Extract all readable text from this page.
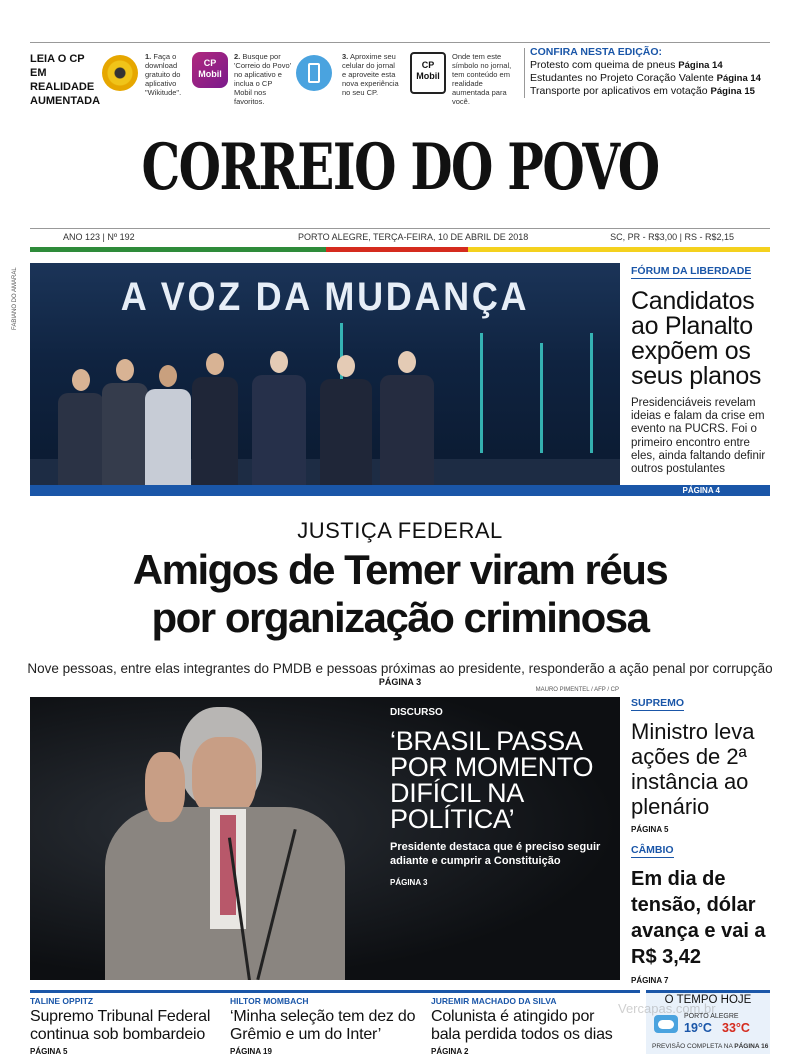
LEIA O CP EM REALIDADE AUMENTADA
1. Faça o download gratuito do aplicativo "Wikitude".
CP Mobil
2. Busque por 'Correio do Povo' no aplicativo e inclua o CP Mobil nos favoritos.
3. Aproxime seu celular do jornal e aproveite esta nova experiência no seu CP.
CP Mobil
Onde tem este símbolo no jornal, tem conteúdo em realidade aumentada para você.
CONFIRA NESTA EDIÇÃO:
Protesto com queima de pneus Página 14
Estudantes no Projeto Coração Valente Página 14
Transporte por aplicativos em votação Página 15
CORREIO DO POVO
ANO 123 | Nº 192	PORTO ALEGRE, TERÇA-FEIRA, 10 DE ABRIL DE 2018	SC, PR - R$3,00 | RS - R$2,15
FABIANO DO AMARAL	A VOZ DA MUDANÇA
FÓRUM DA LIBERDADE
Candidatos ao Planalto expõem os seus planos

Presidenciáveis revelam ideias e falam da crise em evento na PUCRS. Foi o primeiro encontro entre eles, ainda faltando definir outros postulantes

PÁGINA 4
JUSTIÇA FEDERAL
Amigos de Temer viram réus
por organização criminosa
Nove pessoas, entre elas integrantes do PMDB e pessoas próximas ao presidente, responderão a ação penal por corrupção
PÁGINA 3
MAURO PIMENTEL / AFP / CP
DISCURSO
‘BRASIL PASSA POR MOMENTO DIFÍCIL NA POLÍTICA’
Presidente destaca que é preciso seguir adiante e cumprir a Constituição
PÁGINA 3
SUPREMO
Ministro leva ações de 2ª instância ao plenário
PÁGINA 5
CÂMBIO
Em dia de tensão, dólar avança e vai a R$ 3,42
PÁGINA 7
TALINE OPPITZ
Supremo Tribunal Federal continua sob bombardeio
PÁGINA 5
HILTOR MOMBACH
‘Minha seleção tem dez do Grêmio e um do Inter’
PÁGINA 19
JUREMIR MACHADO DA SILVA
Colunista é atingido por bala perdida todos os dias
PÁGINA 2
O TEMPO HOJE
PORTO ALEGRE
19°C 33°C
PREVISÃO COMPLETA NA PÁGINA 16
Vercapas.com.br
